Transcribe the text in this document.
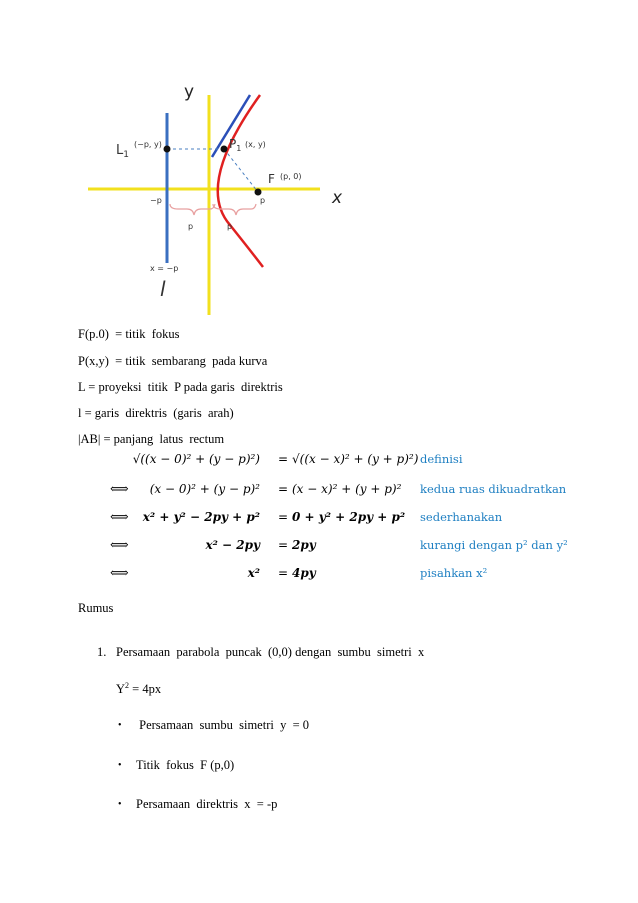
y
x
$L_1$
(−p, y)	$P_1$ (x, y)
F (p, 0)
−p	p
p	p
x = −p
l
F(p.0)  = titik  fokus
P(x,y)  = titik  sembarang  pada kurva
L = proyeksi  titik  P pada garis  direktris
l = garis  direktris  (garis  arah)
|AB| = panjang  latus  rectum
√((x − 0)² + (y − p)²) = √((x − x)² + (y + p)²) definisi
⟺ (x − 0)² + (y − p)² = (x − x)² + (y + p)² kedua ruas dikuadratkan
⟺ x² + y² − 2py + p² = 0 + y² + 2py + p² sederhanakan
⟺	x² − 2py = 2py	kurangi dengan p² dan y²
⟺	x² = 4py	pisahkan x²
Rumus
1. Persamaan  parabola  puncak  (0,0) dengan  sumbu  simetri  x
$Y^2 = 4px$
• Persamaan  sumbu  simetri  y  = 0
• Titik  fokus  F (p,0)
• Persamaan  direktris  x  = -p
